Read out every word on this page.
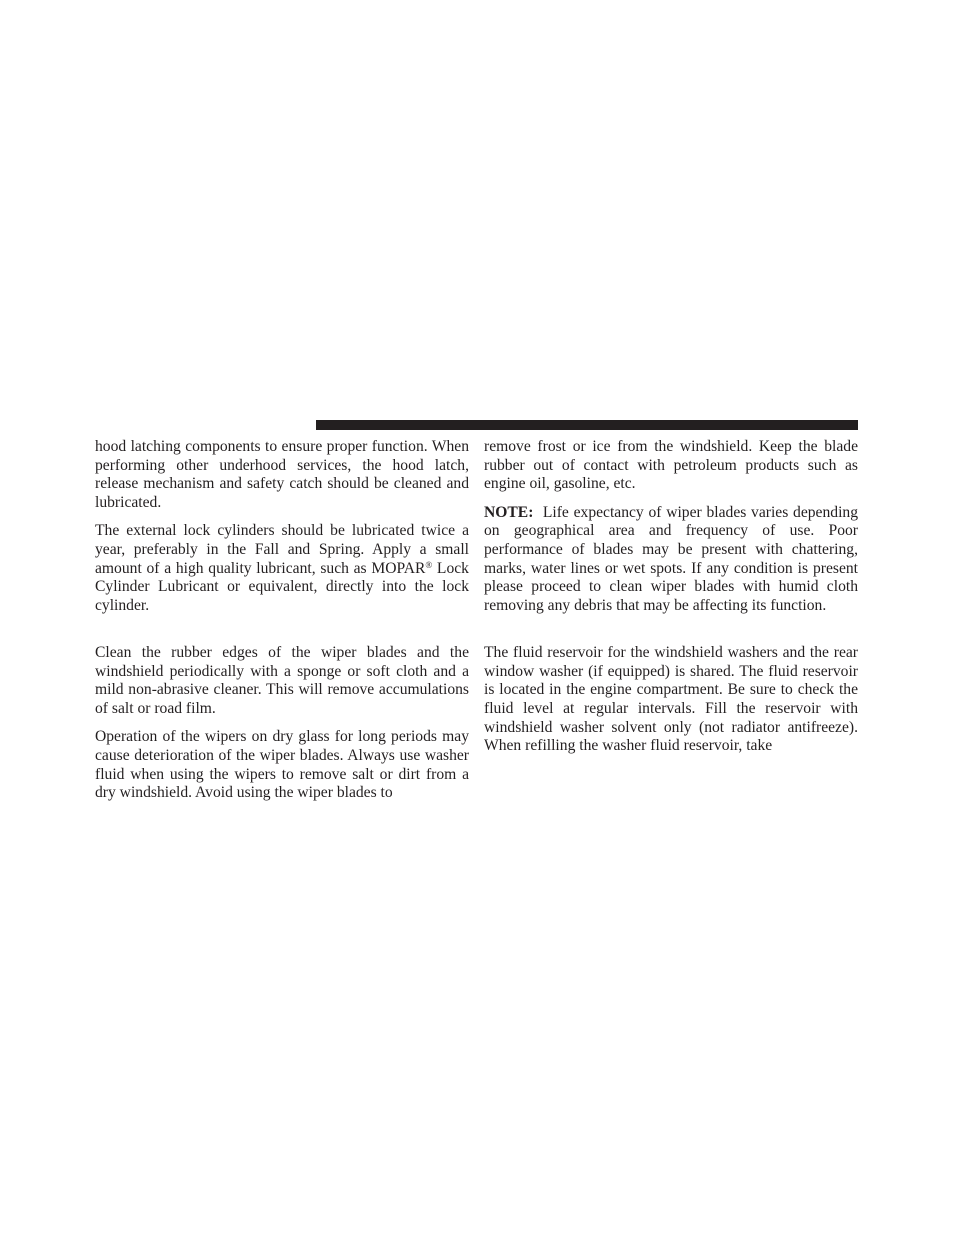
hood latching components to ensure proper function. When performing other underhood services, the hood latch, release mechanism and safety catch should be cleaned and lubricated.

The external lock cylinders should be lubricated twice a year, preferably in the Fall and Spring. Apply a small amount of a high quality lubricant, such as MOPAR® Lock Cylinder Lubricant or equivalent, directly into the lock cylinder.

Clean the rubber edges of the wiper blades and the windshield periodically with a sponge or soft cloth and a mild non-abrasive cleaner. This will remove accumulations of salt or road film.

Operation of the wipers on dry glass for long periods may cause deterioration of the wiper blades. Always use washer fluid when using the wipers to remove salt or dirt from a dry windshield. Avoid using the wiper blades to

remove frost or ice from the windshield. Keep the blade rubber out of contact with petroleum products such as engine oil, gasoline, etc.

NOTE:  Life expectancy of wiper blades varies depending on geographical area and frequency of use. Poor performance of blades may be present with chattering, marks, water lines or wet spots. If any condition is present please proceed to clean wiper blades with humid cloth removing any debris that may be affecting its function.

The fluid reservoir for the windshield washers and the rear window washer (if equipped) is shared. The fluid reservoir is located in the engine compartment. Be sure to check the fluid level at regular intervals. Fill the reservoir with windshield washer solvent only (not radiator antifreeze). When refilling the washer fluid reservoir, take
